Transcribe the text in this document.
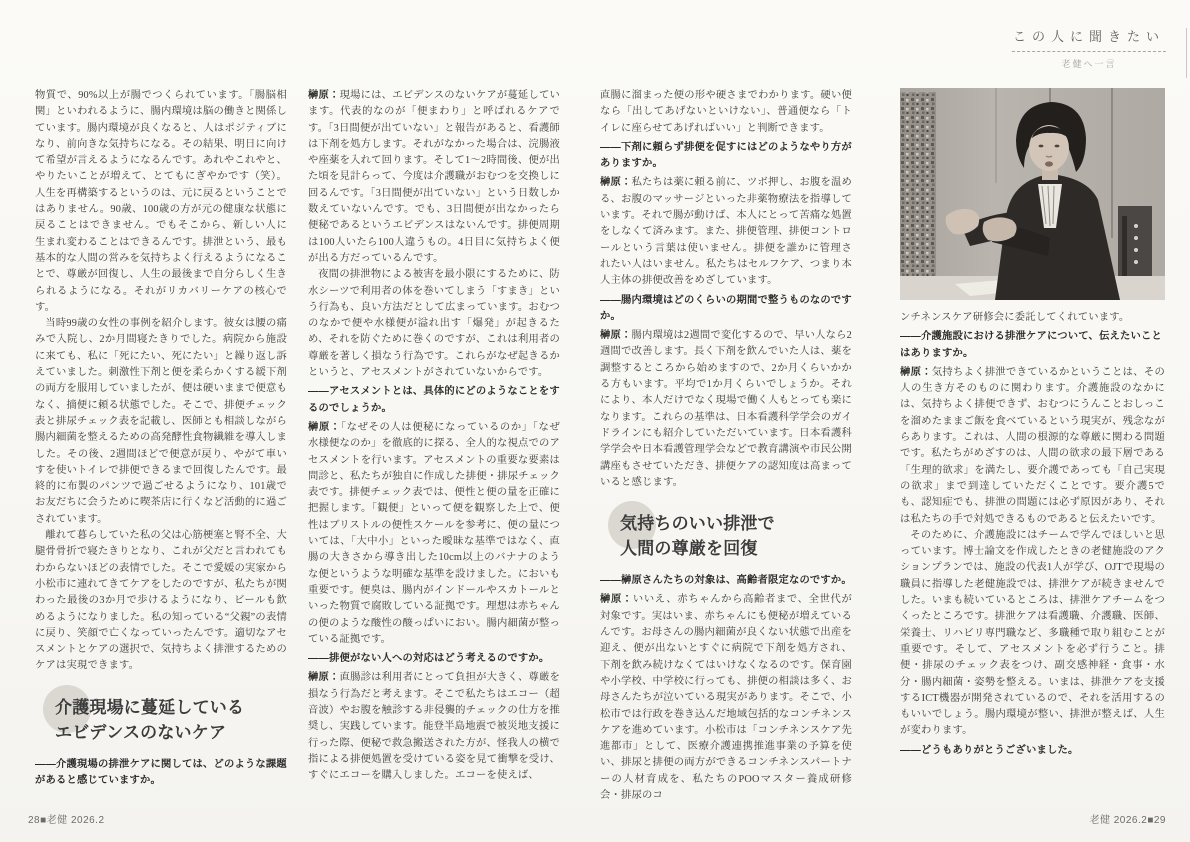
この人に聞きたい
老健へ一言

物質で、90%以上が腸でつくられています。「腸脳相関」といわれるように、腸内環境は脳の働きと関係しています。腸内環境が良くなると、人はポジティブになり、前向きな気持ちになる。その結果、明日に向けて希望が言えるようになるんです。あれやこれやと、やりたいことが増えて、とてもにぎやかです（笑）。人生を再構築するというのは、元に戻るということではありません。90歳、100歳の方が元の健康な状態に戻ることはできません。でもそこから、新しい人に生まれ変わることはできるんです。排泄という、最も基本的な人間の営みを気持ちよく行えるようになることで、尊厳が回復し、人生の最後まで自分らしく生きられるようになる。それがリカバリーケアの核心です。

当時99歳の女性の事例を紹介します。彼女は腰の痛みで入院し、2か月間寝たきりでした。病院から施設に来ても、私に「死にたい、死にたい」と繰り返し訴えていました。刺激性下剤と便を柔らかくする緩下剤の両方を服用していましたが、便は硬いままで便意もなく、摘便に頼る状態でした。そこで、排便チェック表と排尿チェック表を記載し、医師とも相談しながら腸内細菌を整えるための高発酵性食物繊維を導入しました。その後、2週間ほどで便意が戻り、やがて車いすを使いトイレで排便できるまで回復したんです。最終的に布製のパンツで過ごせるようになり、101歳でお友だちに会うために喫茶店に行くなど活動的に過ごされています。

離れて暮らしていた私の父は心筋梗塞と腎不全、大腿骨骨折で寝たきりとなり、これが父だと言われてもわからないほどの表情でした。そこで愛媛の実家から小松市に連れてきてケアをしたのですが、私たちが関わった最後の3か月で歩けるようになり、ビールも飲めるようになりました。私の知っている“父親”の表情に戻り、笑顔で亡くなっていったんです。適切なアセスメントとケアの選択で、気持ちよく排泄するためのケアは実現できます。

介護現場に蔓延している
エビデンスのないケア

――介護現場の排泄ケアに関しては、どのような課題があると感じていますか。

榊原：現場には、エビデンスのないケアが蔓延しています。代表的なのが「便まわり」と呼ばれるケアです。「3日間便が出ていない」と報告があると、看護師は下剤を処方します。それがなかった場合は、浣腸液や座薬を入れて回ります。そして1〜2時間後、便が出た頃を見計らって、今度は介護職がおむつを交換しに回るんです。「3日間便が出ていない」という日数しか数えていないんです。でも、3日間便が出なかったら便秘であるというエビデンスはないんです。排便周期は100人いたら100人違うもの。4日目に気持ちよく便が出る方だっているんです。

夜間の排泄物による被害を最小限にするために、防水シーツで利用者の体を巻いてしまう「すまき」という行為も、良い方法だとして広まっています。おむつのなかで便や水様便が溢れ出す「爆発」が起きるため、それを防ぐために巻くのですが、これは利用者の尊厳を著しく損なう行為です。これらがなぜ起きるかというと、アセスメントがされていないからです。

――アセスメントとは、具体的にどのようなことをするのでしょうか。

榊原：「なぜその人は便秘になっているのか」「なぜ水様便なのか」を徹底的に探る、全人的な視点でのアセスメントを行います。アセスメントの重要な要素は問診と、私たちが独自に作成した排便・排尿チェック表です。排便チェック表では、便性と便の量を正確に把握します。「観便」といって便を観察した上で、便性はブリストルの便性スケールを参考に、便の量については、「大中小」といった曖昧な基準ではなく、直腸の大きさから導き出した10cm以上のバナナのような便というような明確な基準を設けました。においも重要です。便臭は、腸内がインドールやスカトールといった物質で腐敗している証拠です。理想は赤ちゃんの便のような酸性の酸っぱいにおい。腸内細菌が整っている証拠です。

――排便がない人への対応はどう考えるのですか。

榊原：直腸診は利用者にとって負担が大きく、尊厳を損なう行為だと考えます。そこで私たちはエコー（超音波）やお腹を触診する非侵襲的チェックの仕方を推奨し、実践しています。能登半島地震で被災地支援に行った際、便秘で救急搬送された方が、怪我人の横で指による排便処置を受けている姿を見て衝撃を受け、すぐにエコーを購入しました。エコーを使えば、

直腸に溜まった便の形や硬さまでわかります。硬い便なら「出してあげないといけない」、普通便なら「トイレに座らせてあげればいい」と判断できます。

――下剤に頼らず排便を促すにはどのようなやり方がありますか。

榊原：私たちは薬に頼る前に、ツボ押し、お腹を温める、お腹のマッサージといった非薬物療法を指導しています。それで腸が動けば、本人にとって苦痛な処置をしなくて済みます。また、排便管理、排便コントロールという言葉は使いません。排便を誰かに管理されたい人はいません。私たちはセルフケア、つまり本人主体の排便改善をめざしています。

――腸内環境はどのくらいの期間で整うものなのですか。

榊原：腸内環境は2週間で変化するので、早い人なら2週間で改善します。長く下剤を飲んでいた人は、薬を調整するところから始めますので、2か月くらいかかる方もいます。平均で1か月くらいでしょうか。それにより、本人だけでなく現場で働く人もとっても楽になります。これらの基準は、日本看護科学学会のガイドラインにも紹介していただいています。日本看護科学学会や日本看護管理学会などで教育講演や市民公開講座もさせていただき、排便ケアの認知度は高まっていると感じます。

気持ちのいい排泄で
人間の尊厳を回復

――榊原さんたちの対象は、高齢者限定なのですか。

榊原：いいえ、赤ちゃんから高齢者まで、全世代が対象です。実はいま、赤ちゃんにも便秘が増えているんです。お母さんの腸内細菌が良くない状態で出産を迎え、便が出ないとすぐに病院で下剤を処方され、下剤を飲み続けなくてはいけなくなるのです。保育園や小学校、中学校に行っても、排便の相談は多く、お母さんたちが泣いている現実があります。そこで、小松市では行政を巻き込んだ地域包括的なコンチネンスケアを進めています。小松市は「コンチネンスケア先進都市」として、医療介護連携推進事業の予算を使い、排尿と排便の両方ができるコンチネンスパートナーの人材育成を、私たちのPOOマスター養成研修会・排尿のコ

ンチネンスケア研修会に委託してくれています。

――介護施設における排泄ケアについて、伝えたいことはありますか。

榊原：気持ちよく排泄できているかということは、その人の生き方そのものに関わります。介護施設のなかには、気持ちよく排便できず、おむつにうんことおしっこを溜めたままご飯を食べているという現実が、残念ながらあります。これは、人間の根源的な尊厳に関わる問題です。私たちがめざすのは、人間の欲求の最下層である「生理的欲求」を満たし、要介護であっても「自己実現の欲求」まで到達していただくことです。要介護5でも、認知症でも、排泄の問題には必ず原因があり、それは私たちの手で対処できるものであると伝えたいです。

そのために、介護施設にはチームで学んでほしいと思っています。博士論文を作成したときの老健施設のアクションプランでは、施設の代表1人が学び、OJTで現場の職員に指導した老健施設では、排泄ケアが続きませんでした。いまも続いているところは、排泄ケアチームをつくったところです。排泄ケアは看護職、介護職、医師、栄養士、リハビリ専門職など、多職種で取り組むことが重要です。そして、アセスメントを必ず行うこと。排便・排尿のチェック表をつけ、副交感神経・食事・水分・腸内細菌・姿勢を整える。いまは、排泄ケアを支援するICT機器が開発されているので、それを活用するのもいいでしょう。腸内環境が整い、排泄が整えば、人生が変わります。

――どうもありがとうございました。

28■老健 2026.2	老健 2026.2■29
